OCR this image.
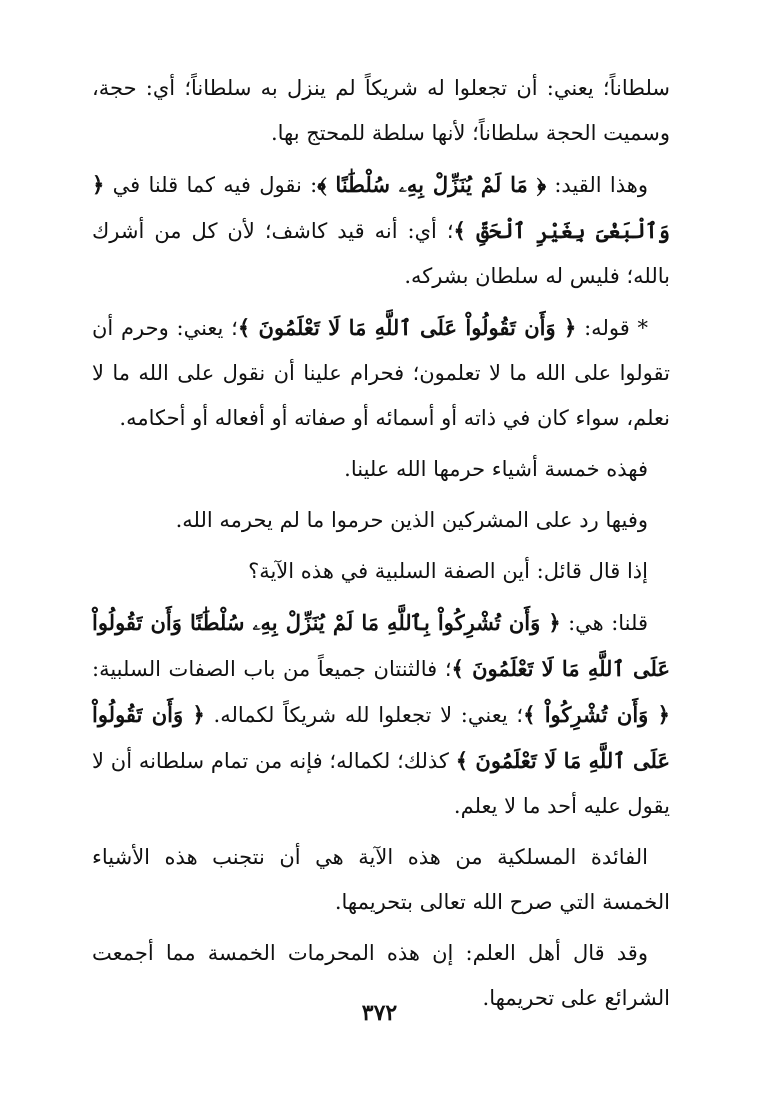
سلطاناً؛ يعني: أن تجعلوا له شريكاً لم ينزل به سلطاناً؛ أي: حجة، وسميت الحجة سلطاناً؛ لأنها سلطة للمحتج بها.

وهذا القيد: ﴿ مَا لَمْ يُنَزِّلْ بِهِۦ سُلْطَٰنًا ﴾: نقول فيه كما قلنا في ﴿ وَٱلْبَغْىَ بِغَيْرِ ٱلْحَقِّ ﴾؛ أي: أنه قيد كاشف؛ لأن كل من أشرك بالله؛ فليس له سلطان بشركه.

* قوله: ﴿ وَأَن تَقُولُواْ عَلَى ٱللَّهِ مَا لَا تَعْلَمُونَ ﴾؛ يعني: وحرم أن تقولوا على الله ما لا تعلمون؛ فحرام علينا أن نقول على الله ما لا نعلم، سواء كان في ذاته أو أسمائه أو صفاته أو أفعاله أو أحكامه.

فهذه خمسة أشياء حرمها الله علينا.

وفيها رد على المشركين الذين حرموا ما لم يحرمه الله.

إذا قال قائل: أين الصفة السلبية في هذه الآية؟

قلنا: هي: ﴿ وَأَن تُشْرِكُواْ بِٱللَّهِ مَا لَمْ يُنَزِّلْ بِهِۦ سُلْطَٰنًا وَأَن تَقُولُواْ عَلَى ٱللَّهِ مَا لَا تَعْلَمُونَ ﴾؛ فالثنتان جميعاً من باب الصفات السلبية: ﴿ وَأَن تُشْرِكُواْ ﴾؛ يعني: لا تجعلوا لله شريكاً لكماله. ﴿ وَأَن تَقُولُواْ عَلَى ٱللَّهِ مَا لَا تَعْلَمُونَ ﴾ كذلك؛ لكماله؛ فإنه من تمام سلطانه أن لا يقول عليه أحد ما لا يعلم.

الفائدة المسلكية من هذه الآية هي أن نتجنب هذه الأشياء الخمسة التي صرح الله تعالى بتحريمها.

وقد قال أهل العلم: إن هذه المحرمات الخمسة مما أجمعت الشرائع على تحريمها.

٣٧٢
